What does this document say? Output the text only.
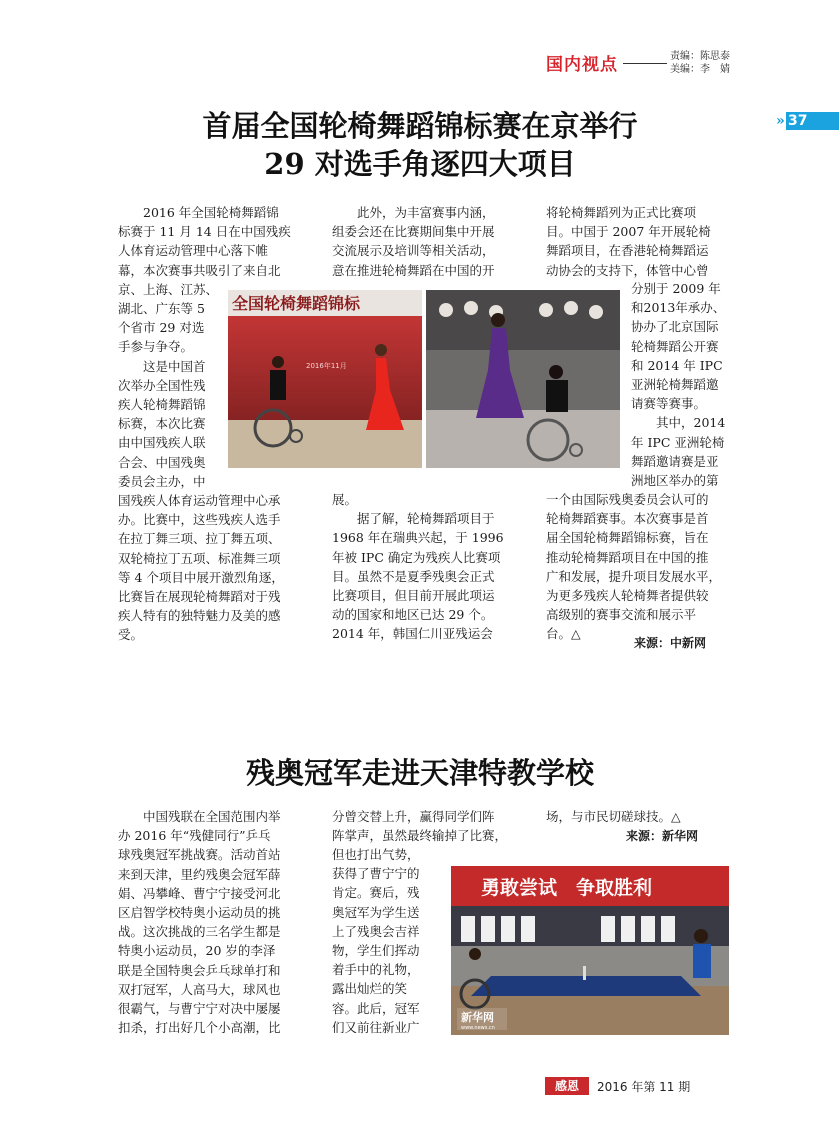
国内视点	责编：陈思泰
美编：李　婧
» 37
首届全国轮椅舞蹈锦标赛在京举行
29 对选手角逐四大项目
　　2016 年全国轮椅舞蹈锦
标赛于 11 月 14 日在中国残疾
人体育运动管理中心落下帷
幕，本次赛事共吸引了来自北
京、上海、江苏、
湖北、广东等 5
个省市 29 对选
手参与争夺。
　　这是中国首
次举办全国性残
疾人轮椅舞蹈锦
标赛，本次比赛
由中国残疾人联
合会、中国残奥
委员会主办，中
国残疾人体育运动管理中心承
办。比赛中，这些残疾人选手
在拉丁舞三项、拉丁舞五项、
双轮椅拉丁五项、标准舞三项
等 4 个项目中展开激烈角逐，
比赛旨在展现轮椅舞蹈对于残
疾人特有的独特魅力及美的感
受。
　　此外，为丰富赛事内涵，
组委会还在比赛期间集中开展
交流展示及培训等相关活动，
意在推进轮椅舞蹈在中国的开
展。
　　据了解，轮椅舞蹈项目于
1968 年在瑞典兴起，于 1996
年被 IPC 确定为残疾人比赛项
目。虽然不是夏季残奥会正式
比赛项目，但目前开展此项运
动的国家和地区已达 29 个。
2014 年，韩国仁川亚残运会
将轮椅舞蹈列为正式比赛项
目。中国于 2007 年开展轮椅
舞蹈项目，在香港轮椅舞蹈运
动协会的支持下，体管中心曾
分别于 2009 年
和2013年承办、
协办了北京国际
轮椅舞蹈公开赛
和 2014 年 IPC
亚洲轮椅舞蹈邀
请赛等赛事。
　　其中，2014
年 IPC 亚洲轮椅
舞蹈邀请赛是亚
洲地区举办的第
一个由国际残奥委员会认可的
轮椅舞蹈赛事。本次赛事是首
届全国轮椅舞蹈锦标赛，旨在
推动轮椅舞蹈项目在中国的推
广和发展，提升项目发展水平，
为更多残疾人轮椅舞者提供较
高级别的赛事交流和展示平
台。△
来源：中新网
全国轮椅舞蹈锦标
2016年11月
残奥冠军走进天津特教学校
　　中国残联在全国范围内举
办 2016 年“残健同行”乒乓
球残奥冠军挑战赛。活动首站
来到天津，里约残奥会冠军薛
娟、冯攀峰、曹宁宁接受河北
区启智学校特奥小运动员的挑
战。这次挑战的三名学生都是
特奥小运动员，20 岁的李泽
联是全国特奥会乒乓球单打和
双打冠军，人高马大，球风也
很霸气，与曹宁宁对决中屡屡
扣杀，打出好几个小高潮，比
分曾交替上升，赢得同学们阵
阵掌声，虽然最终输掉了比赛，
但也打出气势，
获得了曹宁宁的
肯定。赛后，残
奥冠军为学生送
上了残奥会吉祥
物，学生们挥动
着手中的礼物，
露出灿烂的笑
容。此后，冠军
们又前往新业广
场，与市民切磋球技。△
来源：新华网
勇敢尝试　争取胜利
新华网
www.news.cn
感恩	2016 年第 11 期
